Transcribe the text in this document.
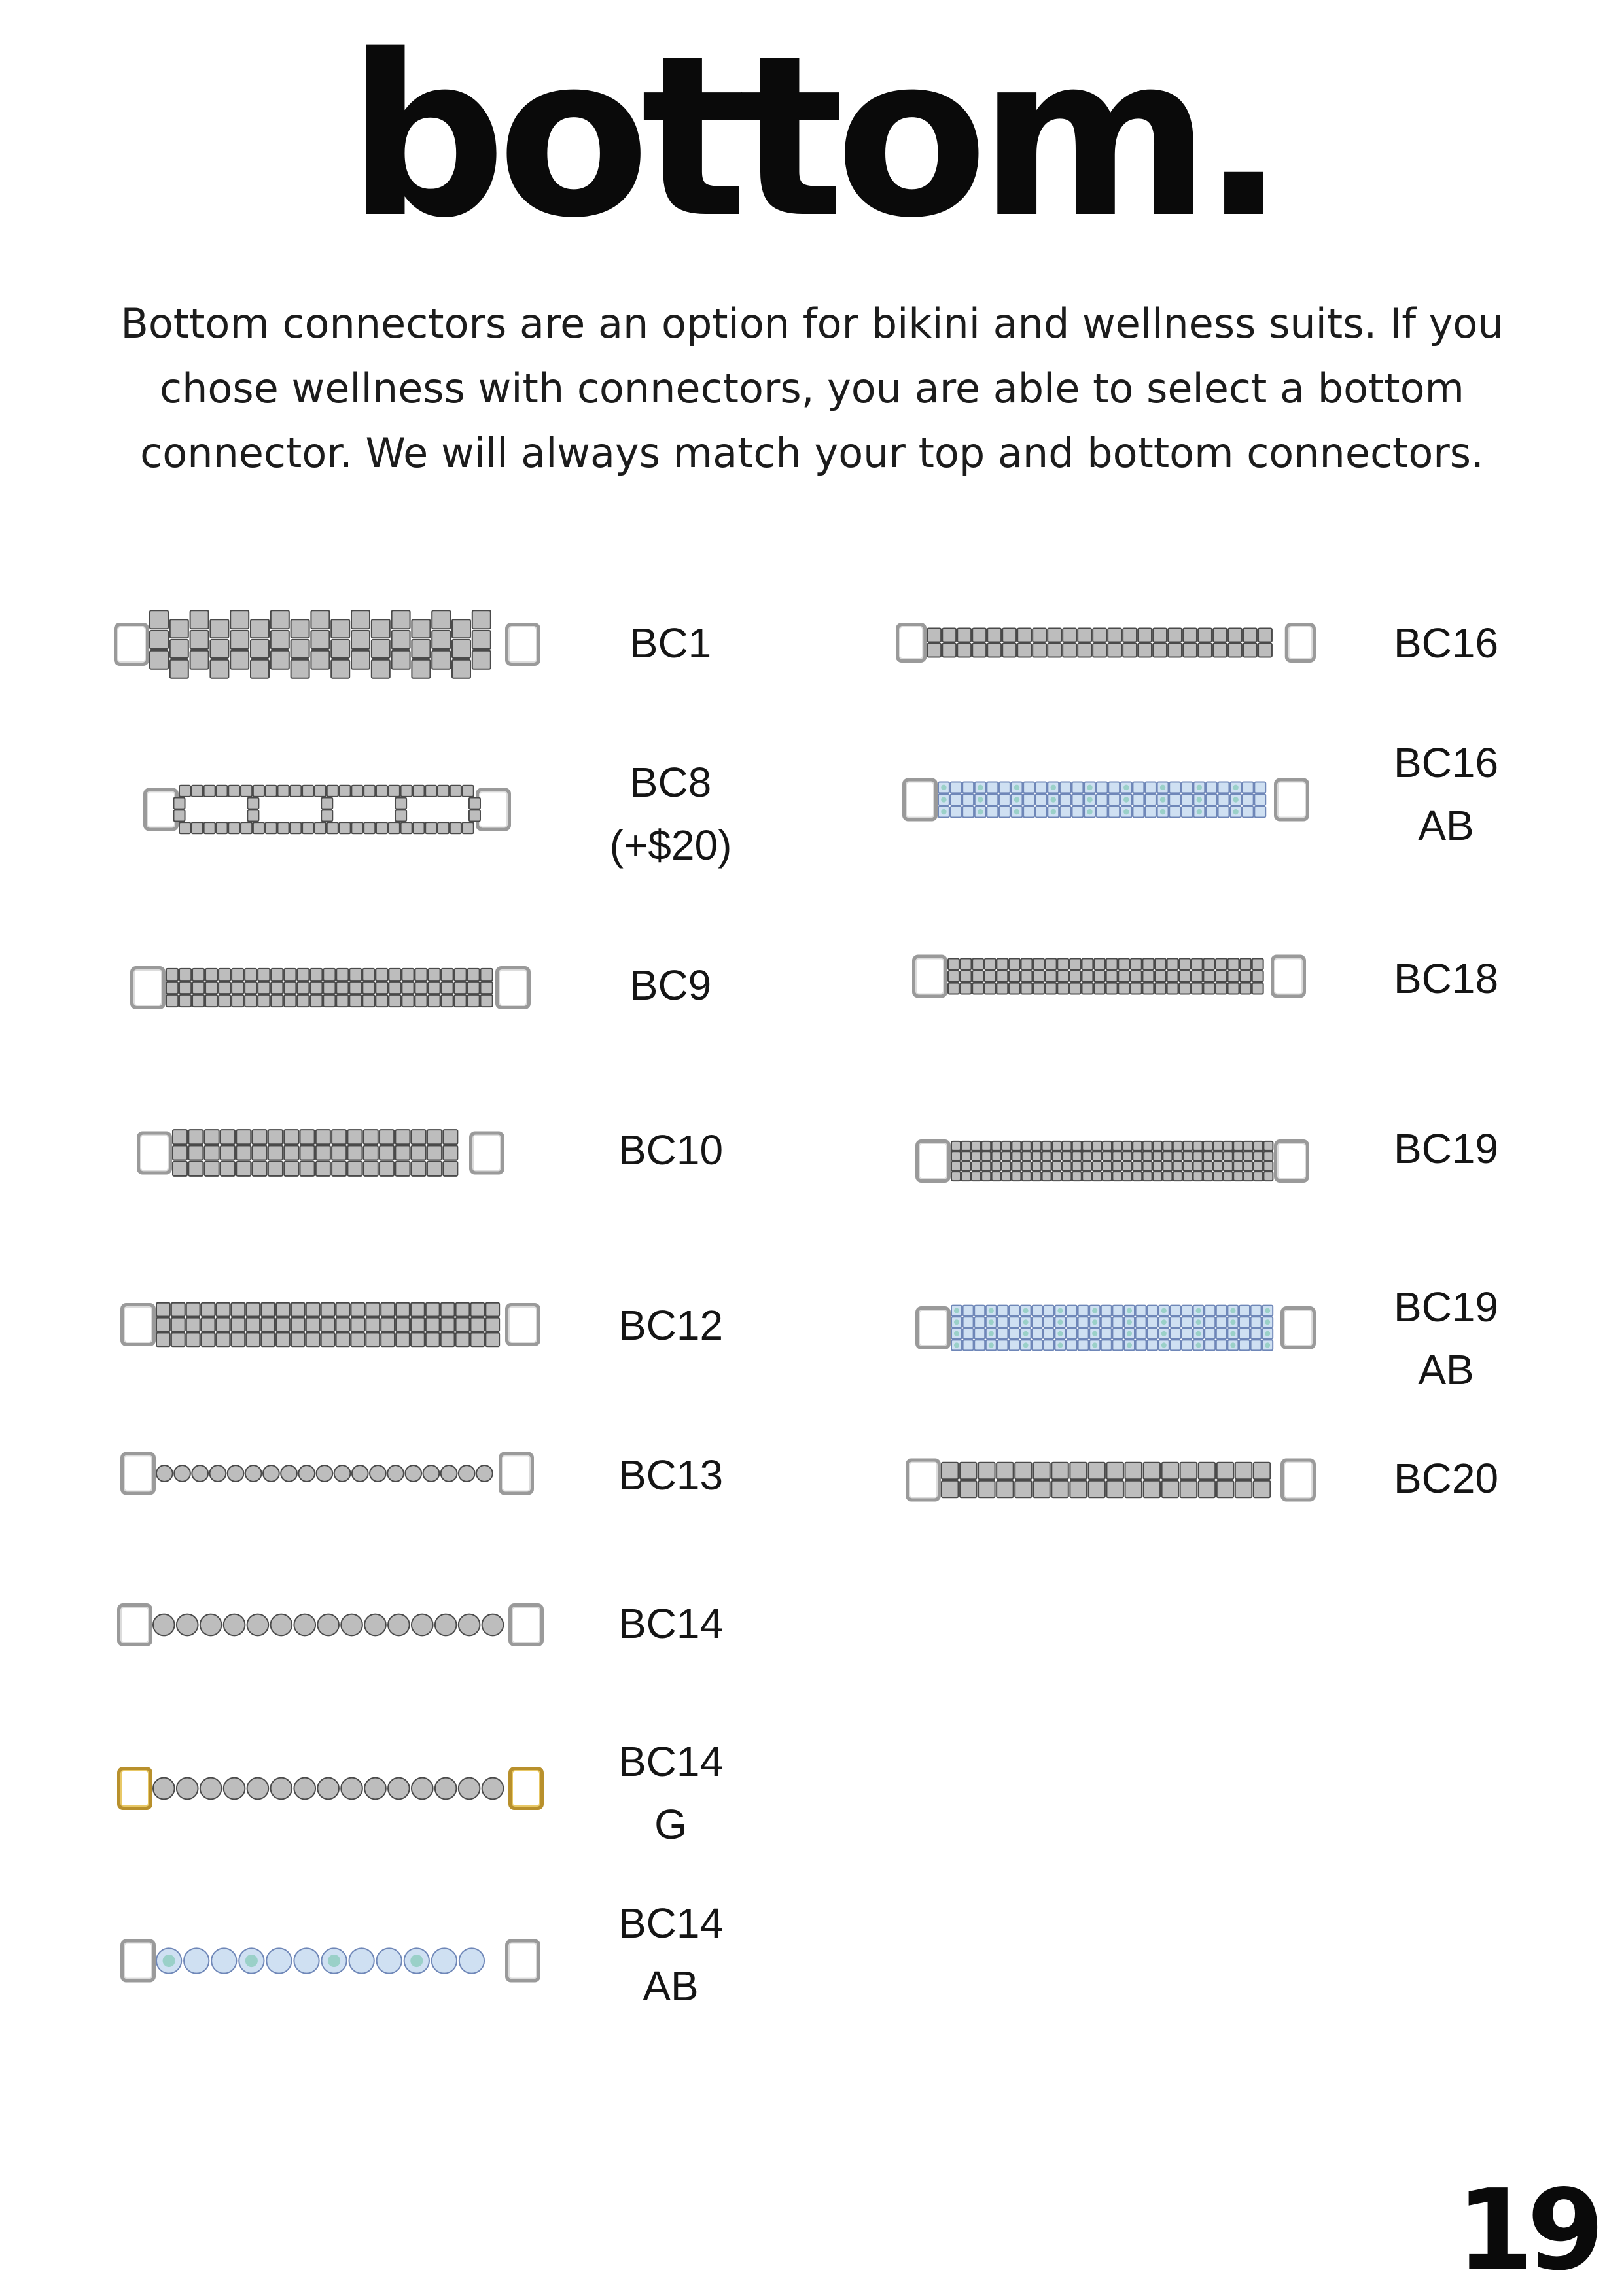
bottom.
Bottom connectors are an option for bikini and wellness suits. If you chose wellness with connectors, you are able to select a bottom connector. We will always match your top and bottom connectors.
BC1
BC8
(+$20)
BC9
BC10
BC12
BC13
BC14
BC14
G
BC14
AB
BC16
BC16
AB
BC18
BC19
BC19
AB
BC20
19
